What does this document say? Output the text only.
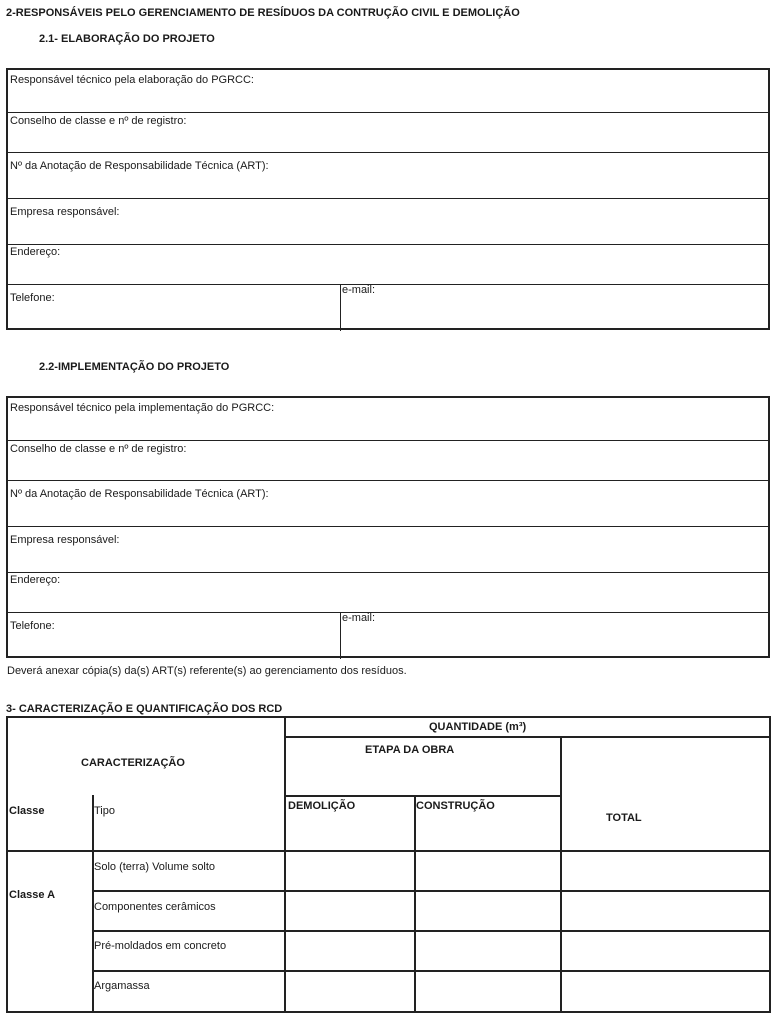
2-RESPONSÁVEIS PELO GERENCIAMENTO DE RESÍDUOS DA CONTRUÇÃO CIVIL E DEMOLIÇÃO
2.1- ELABORAÇÃO DO PROJETO
Responsável técnico pela elaboração do PGRCC:
Conselho de classe e nº de registro:
Nº da Anotação de Responsabilidade Técnica (ART):
Empresa responsável:
Endereço:
Telefone:
e-mail:
2.2-IMPLEMENTAÇÃO DO PROJETO
Responsável técnico pela implementação do PGRCC:
Conselho de classe e nº de registro:
Nº da Anotação de Responsabilidade Técnica (ART):
Empresa responsável:
Endereço:
Telefone:
e-mail:
Deverá anexar cópia(s) da(s) ART(s) referente(s) ao gerenciamento dos resíduos.
3- CARACTERIZAÇÃO E QUANTIFICAÇÃO DOS RCD
QUANTIDADE (m³)
CARACTERIZAÇÃO
ETAPA DA OBRA
Classe	Tipo	DEMOLIÇÃO	CONSTRUÇÃO
TOTAL
Classe A
Solo (terra) Volume solto
Componentes cerâmicos
Pré-moldados em concreto
Argamassa
